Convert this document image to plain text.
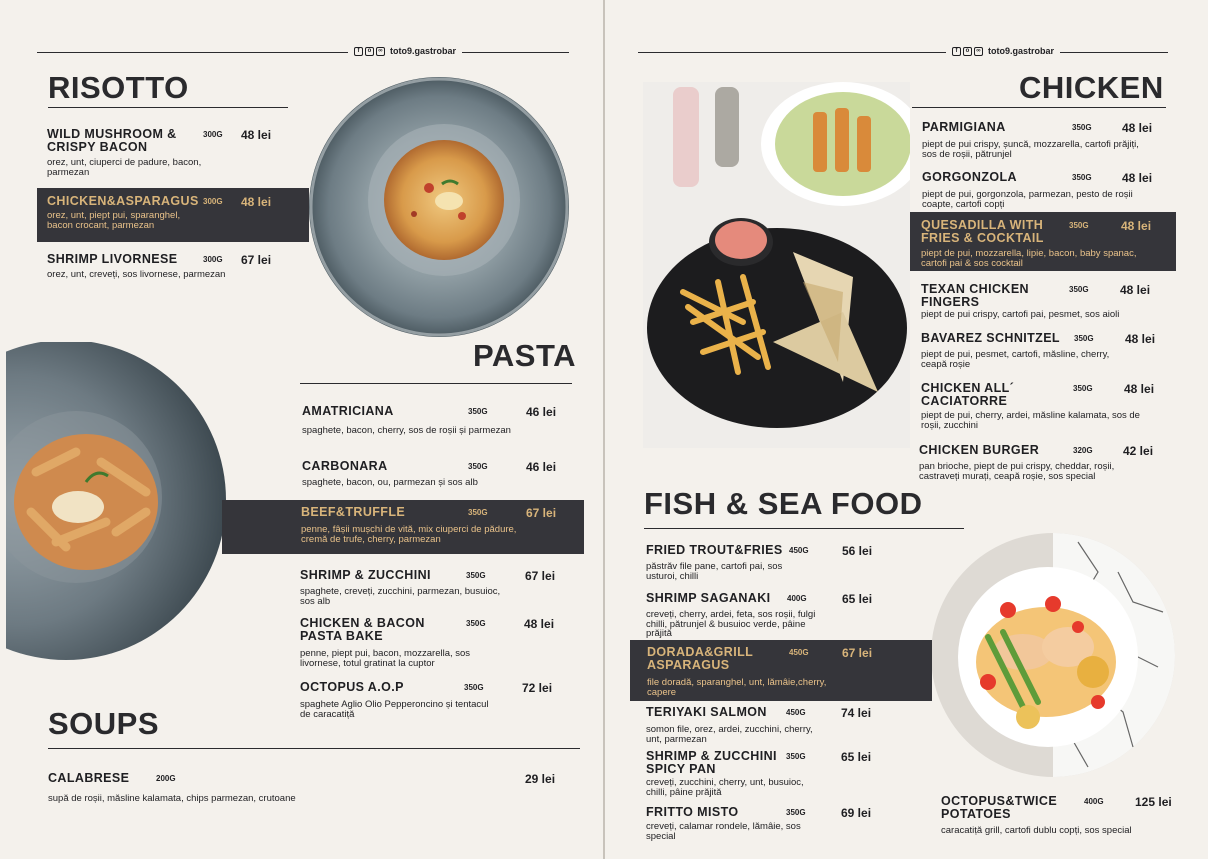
f	o	∞ toto9.gastrobar
RISOTTO
WILD MUSHROOM & CRISPY BACON
300G 48 lei
orez, unt, ciuperci de padure, bacon, parmezan
CHICKEN&ASPARAGUS 300G 48 lei
orez, unt, piept pui, sparanghel, bacon crocant, parmezan
SHRIMP LIVORNESE	300G 67 lei
orez, unt, creveți, sos livornese, parmezan
PASTA
AMATRICIANA	350G	46 lei
spaghete, bacon, cherry, sos de roșii și parmezan
CARBONARA	350G	46 lei
spaghete, bacon, ou, parmezan și sos alb
BEEF&TRUFFLE	350G	67 lei
penne, fâșii mușchi de vită, mix ciuperci de pădure, cremă de trufe, cherry, parmezan
SHRIMP & ZUCCHINI	350G	67 lei
spaghete, creveți, zucchini, parmezan, busuioc, sos alb
CHICKEN & BACON PASTA BAKE
350G	48 lei
penne, piept pui, bacon, mozzarella, sos livornese, totul gratinat la cuptor
OCTOPUS A.O.P	350G	72 lei
spaghete Aglio Olio Pepperoncino și tentacul de caracatiță
SOUPS
CALABRESE	200G	29 lei
supă de roșii, măsline kalamata, chips parmezan, crutoane
f	o	∞ toto9.gastrobar
CHICKEN
PARMIGIANA	350G	48 lei
piept de pui crispy, șuncă, mozzarella, cartofi prăjiți, sos de roșii, pătrunjel
GORGONZOLA	350G	48 lei
piept de pui, gorgonzola, parmezan, pesto de roșii coapte, cartofi copți
QUESADILLA WITH FRIES & COCKTAIL
350G	48 lei
piept de pui, mozzarella, lipie, bacon, baby spanac, cartofi pai & sos cocktail
TEXAN CHICKEN FINGERS
350G	48 lei
piept de pui crispy, cartofi pai, pesmet, sos aioli
BAVAREZ SCHNITZEL	350G	48 lei
piept de pui, pesmet, cartofi, măsline, cherry, ceapă roșie
CHICKEN ALL´ CACIATORRE
350G	48 lei
piept de pui, cherry, ardei, măsline kalamata, sos de roșii, zucchini
CHICKEN BURGER	320G	42 lei
pan brioche, piept de pui crispy, cheddar, roșii, castraveți murați, ceapă roșie, sos special
FISH & SEA FOOD
FRIED TROUT&FRIES 450G	56 lei
păstrăv file pane, cartofi pai, sos usturoi, chilli
SHRIMP SAGANAKI	400G	65 lei
creveți, cherry, ardei, feta, sos roșii, fulgi chilli, pătrunjel & busuioc verde, pâine prăjită
DORADA&GRILL ASPARAGUS
450G	67 lei
file doradă, sparanghel, unt, lămâie,cherry, capere
TERIYAKI SALMON	450G	74 lei
somon file, orez, ardei, zucchini, cherry, unt, parmezan
SHRIMP & ZUCCHINI SPICY PAN
350G	65 lei
creveți, zucchini, cherry, unt, busuioc, chilli, pâine prăjită
FRITTO MISTO	350G	69 lei
creveți, calamar rondele, lămâie, sos special
OCTOPUS&TWICE POTATOES
400G	125 lei
caracatiță grill, cartofi dublu copți, sos special
